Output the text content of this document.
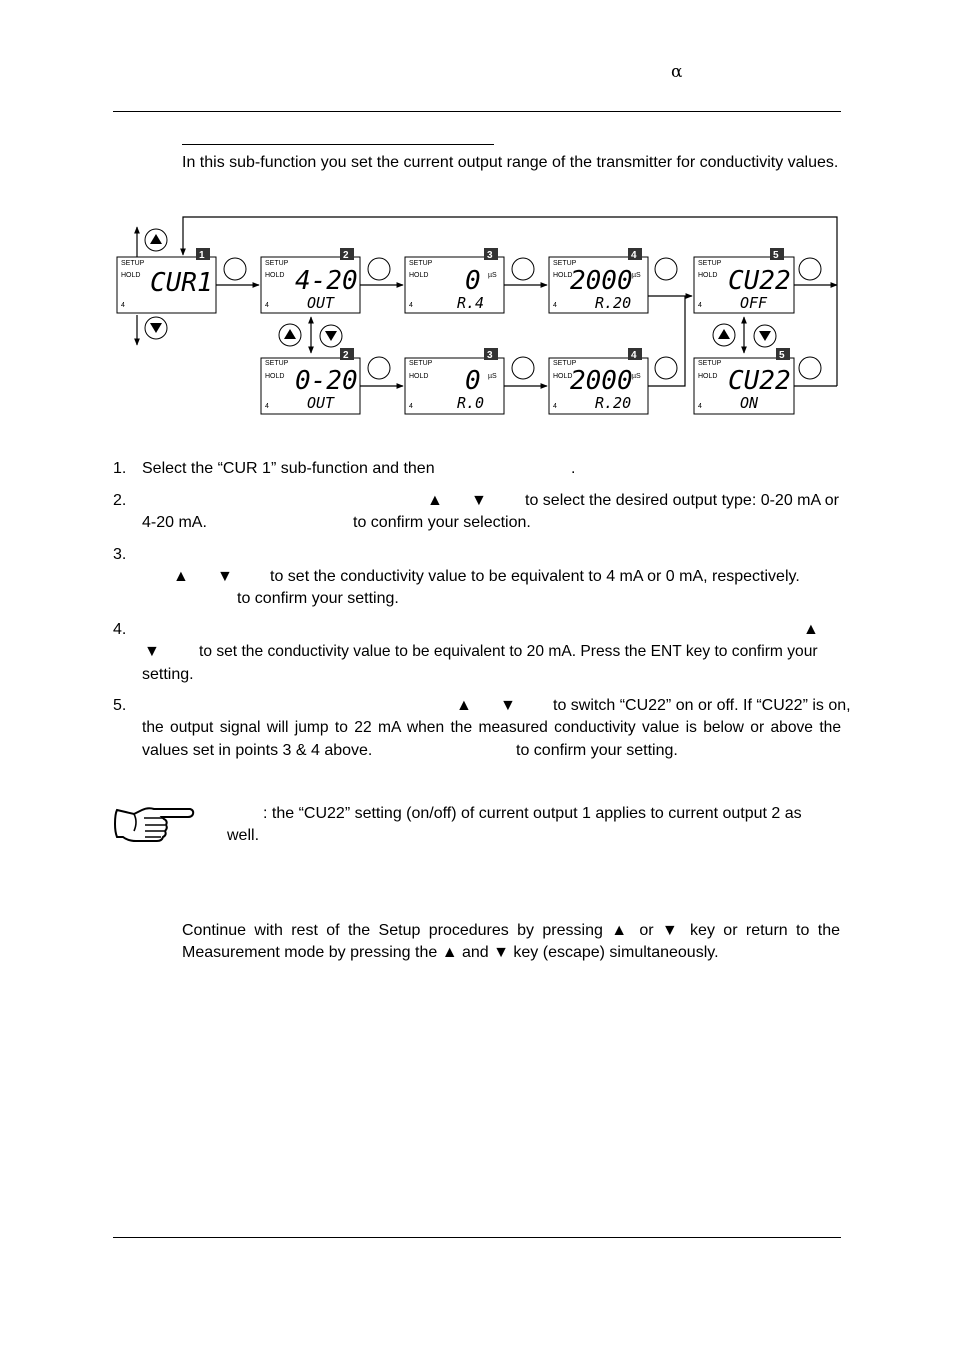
α
In this sub-function you set the current output range of the transmitter for conductivity values.
1
SETUP
HOLD
4
CUR1
2
SETUP
HOLD
4
4-20
OUT
3
SETUP
HOLD	µS
4
0
R.4
4
SETUP
HOLD	µS
4
2000
R.20
5
SETUP
HOLD
4
CU22
OFF
2
SETUP
HOLD
4
0-20
OUT
3
SETUP
HOLD	µS
4
0
R.0
4
SETUP
HOLD	µS
4
2000
R.20
5
SETUP
HOLD
4
CU22
ON
1. Select the “CUR 1” sub-function and then	.
2.	▲ ▼ to select the desired output type: 0-20 mA or
4-20 mA.	to confirm your selection.
3.
▲ ▼ to set the conductivity value to be equivalent to 4 mA or 0 mA, respectively.
to confirm your setting.
4.	▲
▼	to set the conductivity value to be equivalent to 20 mA. Press the ENT key to confirm your
setting.
5.	▲ ▼ to switch “CU22” on or off. If “CU22” is on,
the output signal will jump to 22 mA when the measured conductivity value is below or above the
values set in points 3 & 4 above.	to confirm your setting.
: the “CU22” setting (on/off) of current output 1 applies to current output 2 as
well.
Continue with rest of the Setup procedures by pressing ▲ or ▼ key or return to the
Measurement mode by pressing the ▲ and ▼ key (escape) simultaneously.
